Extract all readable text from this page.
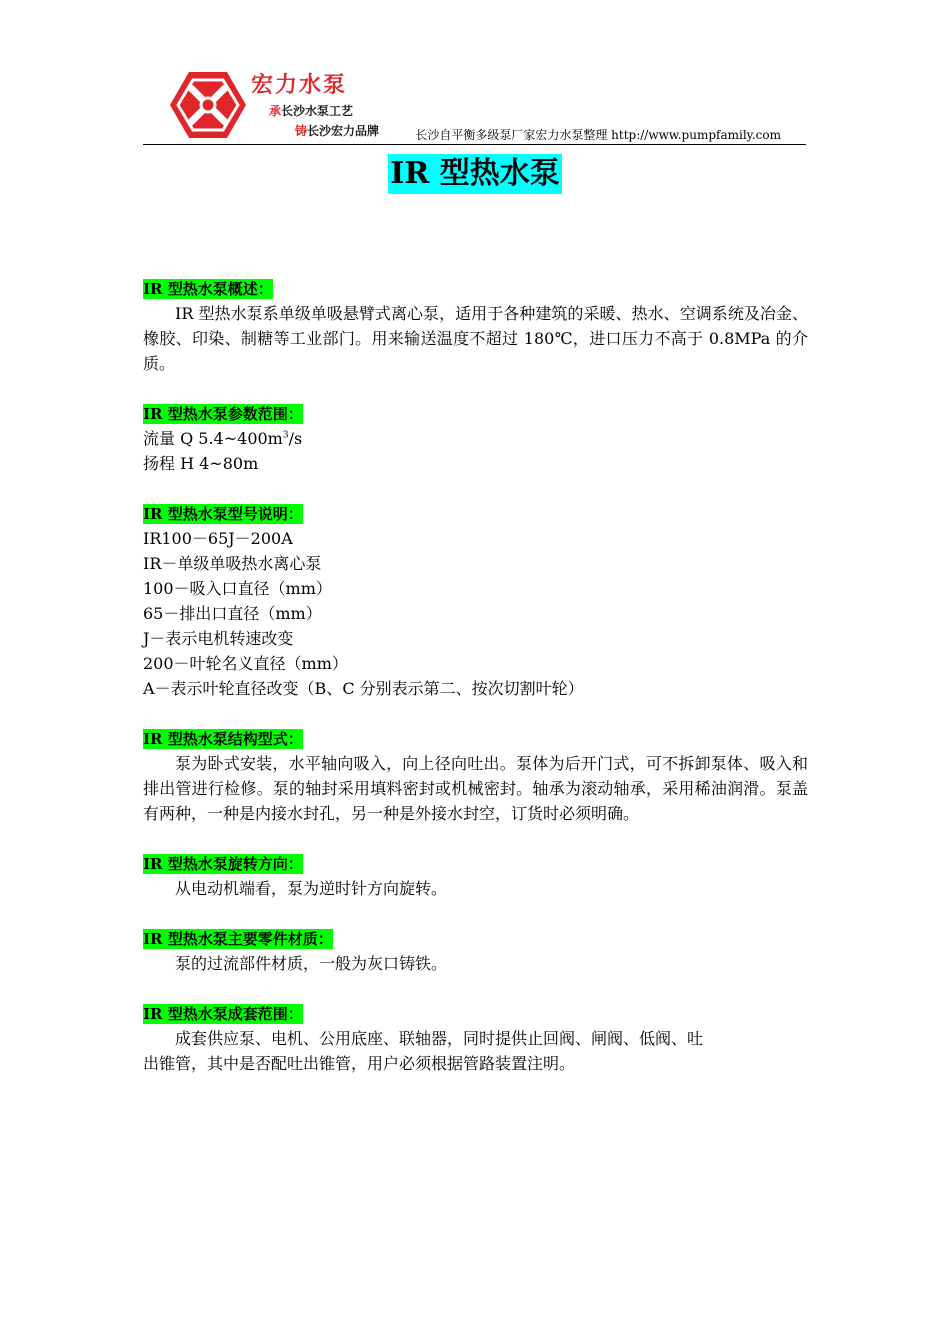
宏力水泵
承长沙水泵工艺
铸长沙宏力品牌	长沙自平衡多级泵厂家宏力水泵整理 http://www.pumpfamily.com
IR 型热水泵
IR 型热水泵概述：

IR 型热水泵系单级单吸悬臂式离心泵，适用于各种建筑的采暖、热水、空调系统及冶金、橡胶、印染、制糖等工业部门。用来输送温度不超过 180℃，进口压力不高于 0.8MPa 的介质。

IR 型热水泵参数范围：

流量 Q $5.4\sim 400m^3/s$

扬程 H 4~80m

IR 型热水泵型号说明：

IR100－65J－200A

IR－单级单吸热水离心泵

100－吸入口直径（mm）

65－排出口直径（mm）

J－表示电机转速改变

200－叶轮名义直径（mm）

A－表示叶轮直径改变（B、C 分别表示第二、按次切割叶轮）

IR 型热水泵结构型式：

泵为卧式安装，水平轴向吸入，向上径向吐出。泵体为后开门式，可不拆卸泵体、吸入和排出管进行检修。泵的轴封采用填料密封或机械密封。轴承为滚动轴承，采用稀油润滑。泵盖有两种，一种是内接水封孔，另一种是外接水封空，订货时必须明确。

IR 型热水泵旋转方向：

从电动机端看，泵为逆时针方向旋转。

IR 型热水泵主要零件材质：

泵的过流部件材质，一般为灰口铸铁。

IR 型热水泵成套范围：

成套供应泵、电机、公用底座、联轴器，同时提供止回阀、闸阀、低阀、吐

出锥管，其中是否配吐出锥管，用户必须根据管路装置注明。
